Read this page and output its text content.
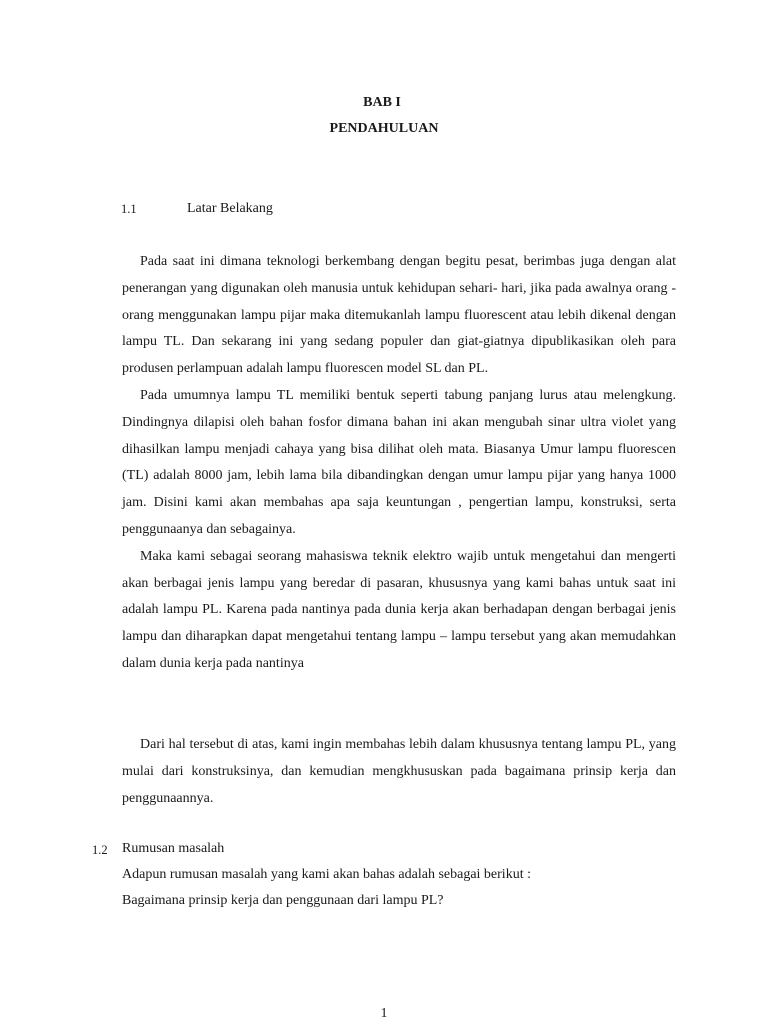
BAB I
PENDAHULUAN
1.1	Latar Belakang

Pada saat ini dimana teknologi berkembang dengan begitu pesat, berimbas juga dengan alat penerangan yang digunakan oleh manusia untuk kehidupan sehari- hari, jika pada awalnya orang - orang menggunakan lampu pijar maka ditemukanlah lampu fluorescent atau lebih dikenal dengan lampu TL. Dan sekarang ini yang sedang populer dan giat-giatnya dipublikasikan oleh para produsen perlampuan adalah lampu fluorescen model SL dan PL.

Pada umumnya lampu TL memiliki bentuk seperti tabung panjang lurus atau melengkung. Dindingnya dilapisi oleh bahan fosfor dimana bahan ini akan mengubah sinar ultra violet yang dihasilkan lampu menjadi cahaya yang bisa dilihat oleh mata. Biasanya Umur lampu fluorescen (TL) adalah 8000 jam, lebih lama bila dibandingkan dengan umur lampu pijar yang hanya 1000 jam. Disini kami akan membahas apa saja keuntungan , pengertian lampu, konstruksi, serta penggunaanya dan sebagainya.

Maka kami sebagai seorang mahasiswa teknik elektro wajib untuk mengetahui dan mengerti akan berbagai jenis lampu yang beredar di pasaran, khususnya yang kami bahas untuk saat ini adalah lampu PL. Karena pada nantinya pada dunia kerja akan berhadapan dengan berbagai jenis lampu dan diharapkan dapat mengetahui tentang lampu – lampu tersebut yang akan memudahkan dalam dunia kerja pada nantinya

Dari hal tersebut di atas, kami ingin membahas lebih dalam khususnya tentang lampu PL, yang mulai dari konstruksinya, dan kemudian mengkhususkan pada bagaimana prinsip kerja dan penggunaannya.

1.2 Rumusan masalah
Adapun rumusan masalah yang kami akan bahas adalah sebagai berikut :
Bagaimana prinsip kerja dan penggunaan dari lampu PL?
1
